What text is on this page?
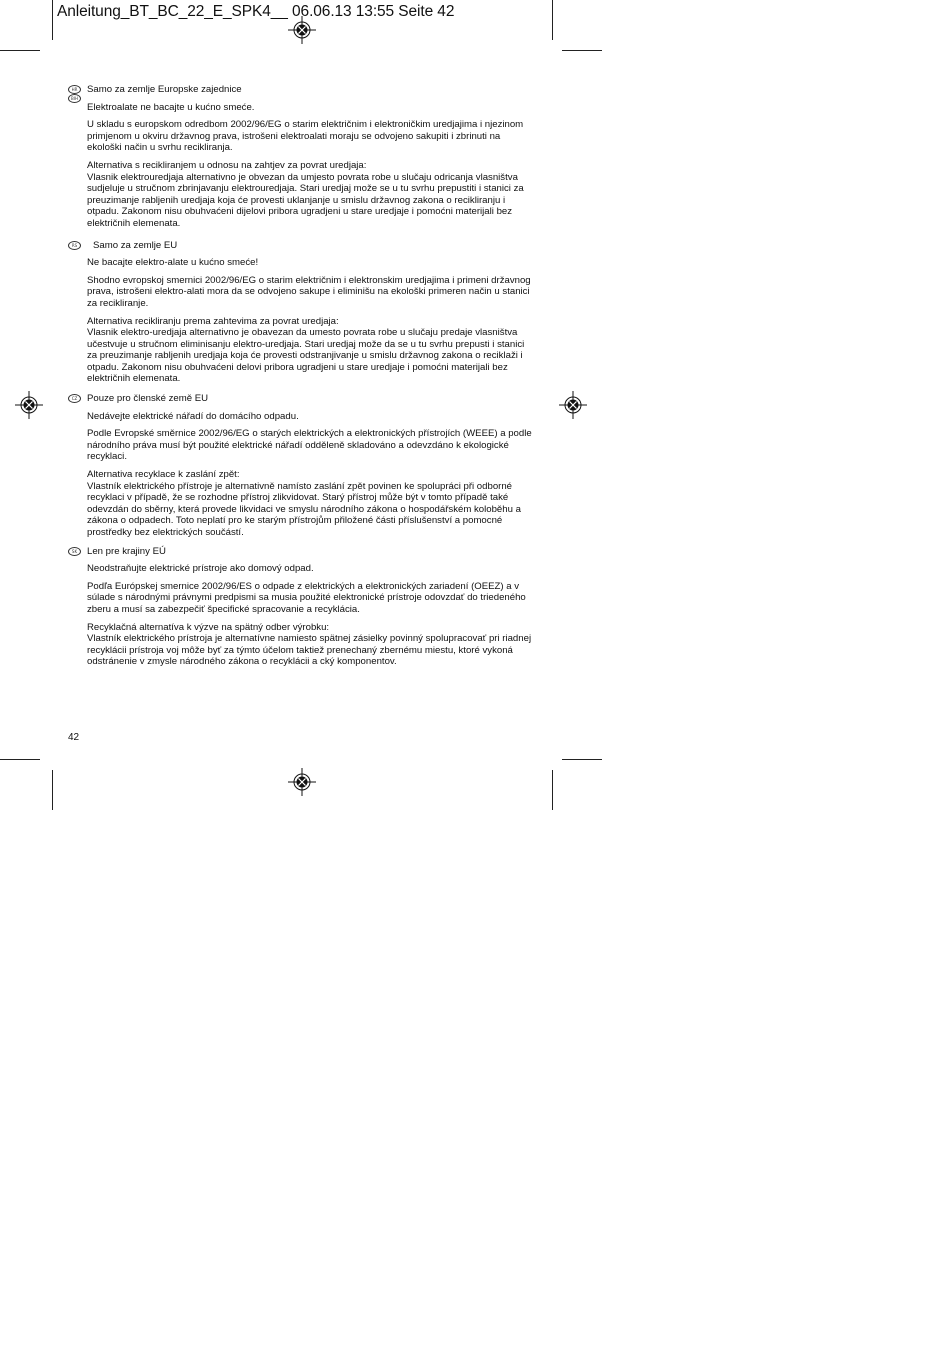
Anleitung_BT_BC_22_E_SPK4__ 06.06.13 13:55 Seite 42
HR
BIH

Samo za zemlje Europske zajednice

Elektroalate ne bacajte u kućno smeće.

U skladu s europskom odredbom 2002/96/EG o starim električnim i elektroničkim uredjajima i njezinom primjenom u okviru državnog prava, istrošeni elektroalati moraju se odvojeno sakupiti i zbrinuti na ekološki način u svrhu recikliranja.

Alternativa s recikliranjem u odnosu na zahtjev za povrat uredjaja:

Vlasnik elektrouredjaja alternativno je obvezan da umjesto povrata robe u slučaju odricanja vlasništva sudjeluje u stručnom zbrinjavanju elektrouredjaja. Stari uredjaj može se u tu svrhu prepustiti i stanici za preuzimanje rabljenih uredjaja koja će provesti uklanjanje u smislu državnog zakona o recikliranju i otpadu. Zakonom nisu obuhvaćeni dijelovi pribora ugradjeni u stare uredjaje i pomoćni materijali bez električnih elemenata.

RS	Samo za zemlje EU

Ne bacajte elektro-alate u kućno smeće!

Shodno evropskoj smernici 2002/96/EG o starim električnim i elektronskim uredjajima i primeni državnog prava, istrošeni elektro-alati mora da se odvojeno sakupe i eliminišu na ekološki primeren način u stanici za recikliranje.

Alternativa recikliranju prema zahtevima za povrat uredjaja:

Vlasnik elektro-uredjaja alternativno je obavezan da umesto povrata robe u slučaju predaje vlasništva učestvuje u stručnom eliminisanju elektro-uredjaja. Stari uredjaj može da se u tu svrhu prepusti i stanici za preuzimanje rabljenih uredjaja koja će provesti odstranjivanje u smislu državnog zakona o reciklaži i otpadu. Zakonom nisu obuhvaćeni delovi pribora ugradjeni u stare uredjaje i pomoćni materijali bez električnih elemenata.

CZ	Pouze pro členské země EU

Nedávejte elektrické nářadí do domácího odpadu.

Podle Evropské směrnice 2002/96/EG o starých elektrických a elektronických přístrojích (WEEE) a podle národního práva musí být použité elektrické nářadí odděleně skladováno a odevzdáno k ekologické recyklaci.

Alternativa recyklace k zaslání zpět:

Vlastník elektrického přístroje je alternativně namísto zaslání zpět povinen ke spolupráci při odborné recyklaci v případě, že se rozhodne přístroj zlikvidovat. Starý přístroj může být v tomto případě také odevzdán do sběrny, která provede likvidaci ve smyslu národního zákona o hospodářském koloběhu a zákona o odpadech. Toto neplatí pro ke starým přístrojům přiložené části příslušenství a pomocné prostředky bez elektrických součástí.

SK	Len pre krajiny EÚ

Neodstraňujte elektrické prístroje ako domový odpad.

Podľa Európskej smernice 2002/96/ES o odpade z elektrických a elektronických zariadení (OEEZ) a v súlade s národnými právnymi predpismi sa musia použité elektronické prístroje odovzdať do triedeného zberu a musí sa zabezpečiť špecifické spracovanie a recyklácia.

Recyklačná alternatíva k výzve na spätný odber výrobku:

Vlastník elektrického prístroja je alternatívne namiesto spätnej zásielky povinný spolupracovať pri riadnej recyklácii prístroja voj môže byť za týmto účelom taktiež prenechaný zbernému miestu, ktoré vykoná odstránenie v zmysle národného zákona o recyklácii a cký komponentov.

42
